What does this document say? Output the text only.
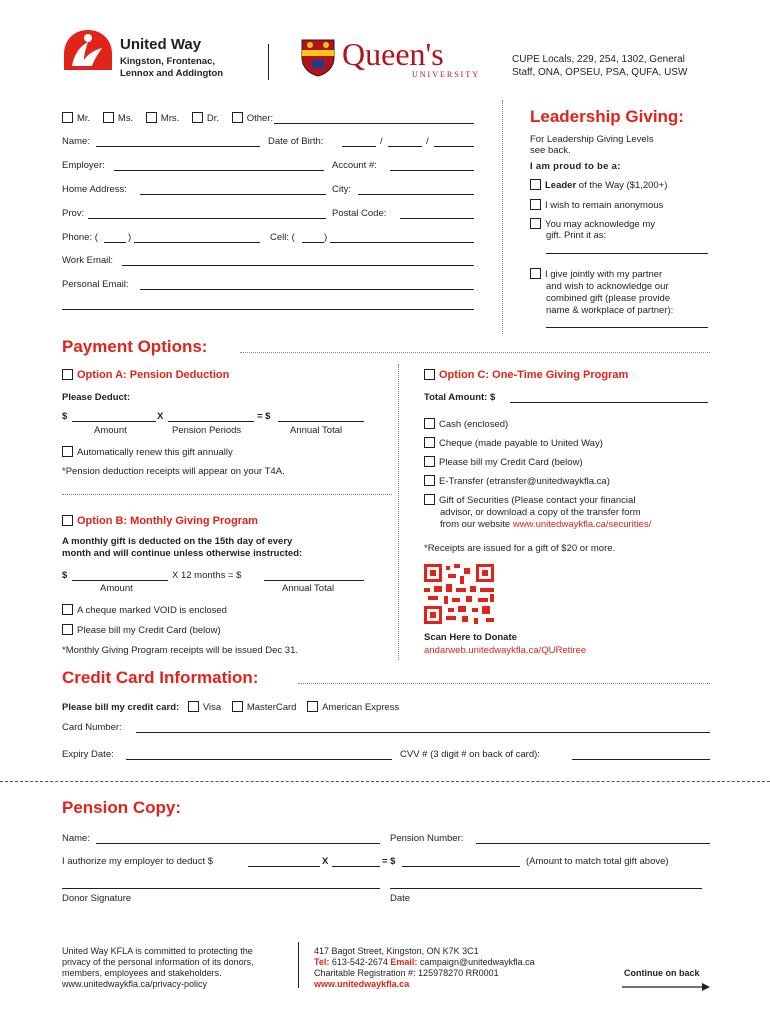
United Way
Kingston, Frontenac,
Lennox and Addington
Queen's
UNIVERSITY
CUPE Locals, 229, 254, 1302, General
Staff, ONA, OPSEU, PSA, QUFA, USW
Mr.	Ms.	Mrs.	Dr.	Other:
Name:	Date of Birth:	/	/
Employer:	Account #:
Home Address:	City:
Prov:	Postal Code:
Phone: (	)	Cell: (	)
Work Email:
Personal Email:
Leadership Giving:
For Leadership Giving Levels
see back.
I am proud to be a:
Leader of the Way ($1,200+)
I wish to remain anonymous
You may acknowledge my
gift. Print it as:
I give jointly with my partner
and wish to acknowledge our
combined gift (please provide
name & workplace of partner):
Payment Options:
Option A: Pension Deduction
Please Deduct:
$	X	= $
Amount	Pension Periods	Annual Total
Automatically renew this gift annually
*Pension deduction receipts will appear on your T4A.
Option B: Monthly Giving Program
A monthly gift is deducted on the 15th day of every
month and will continue unless otherwise instructed:
$	X 12 months = $
Amount	Annual Total
A cheque marked VOID is enclosed
Please bill my Credit Card (below)
*Monthly Giving Program receipts will be issued Dec 31.
Option C: One-Time Giving Program
Total Amount: $
Cash (enclosed)
Cheque (made payable to United Way)
Please bill my Credit Card (below)
E-Transfer (etransfer@unitedwaykfla.ca)
Gift of Securities (Please contact your financial
advisor, or download a copy of the transfer form
from our website www.unitedwaykfla.ca/securities/
*Receipts are issued for a gift of $20 or more.
Scan Here to Donate
andarweb.unitedwaykfla.ca/QURetiree
Credit Card Information:
Please bill my credit card: Visa	MasterCard	American Express
Card Number:
Expiry Date:	CVV # (3 digit # on back of card):
Pension Copy:
Name:	Pension Number:
I authorize my employer to deduct $	X	= $	(Amount to match total gift above)
Donor Signature	Date
United Way KFLA is committed to protecting the
privacy of the personal information of its donors,
members, employees and stakeholders.
www.unitedwaykfla.ca/privacy-policy
417 Bagot Street, Kingston, ON K7K 3C1
Tel: 613-542-2674 Email: campaign@unitedwaykfla.ca
Charitable Registration #: 125978270 RR0001
www.unitedwaykfla.ca
Continue on back
